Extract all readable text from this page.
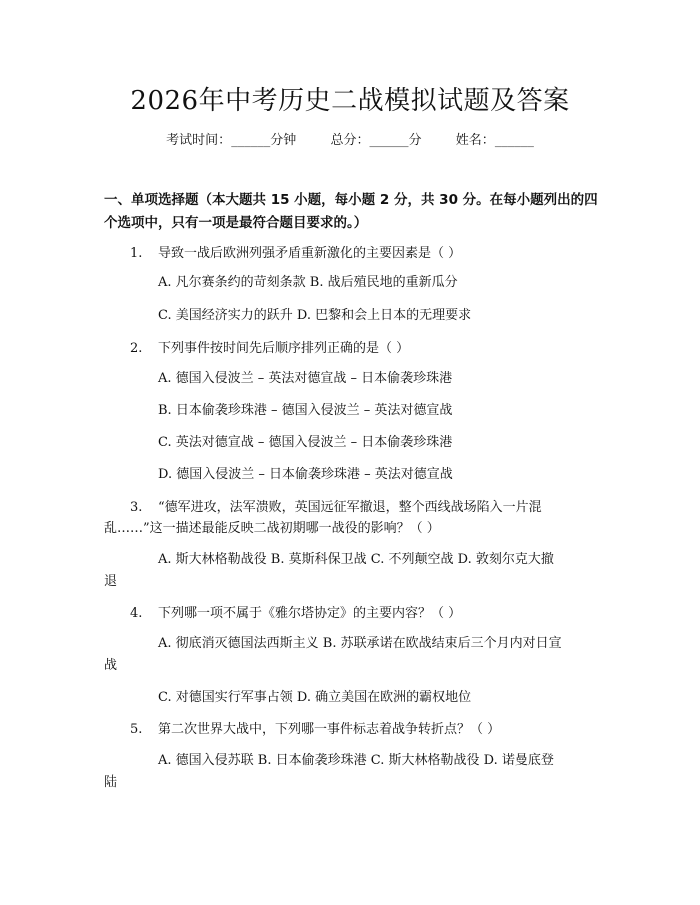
2026年中考历史二战模拟试题及答案
考试时间：______分钟	总分：______分	姓名：______
一、单项选择题（本大题共 15 小题，每小题 2 分，共 30 分。在每小题列出的四
个选项中，只有一项是最符合题目要求的。）
1. 导致一战后欧洲列强矛盾重新激化的主要因素是（ ）
A. 凡尔赛条约的苛刻条款 B. 战后殖民地的重新瓜分
C. 美国经济实力的跃升 D. 巴黎和会上日本的无理要求
2. 下列事件按时间先后顺序排列正确的是（ ）
A. 德国入侵波兰 – 英法对德宣战 – 日本偷袭珍珠港
B. 日本偷袭珍珠港 – 德国入侵波兰 – 英法对德宣战
C. 英法对德宣战 – 德国入侵波兰 – 日本偷袭珍珠港
D. 德国入侵波兰 – 日本偷袭珍珠港 – 英法对德宣战
3. “德军进攻，法军溃败，英国远征军撤退，整个西线战场陷入一片混
乱……”这一描述最能反映二战初期哪一战役的影响？（ ）
A. 斯大林格勒战役 B. 莫斯科保卫战 C. 不列颠空战 D. 敦刻尔克大撤
退
4. 下列哪一项不属于《雅尔塔协定》的主要内容？（ ）
A. 彻底消灭德国法西斯主义 B. 苏联承诺在欧战结束后三个月内对日宣
战
C. 对德国实行军事占领 D. 确立美国在欧洲的霸权地位
5. 第二次世界大战中，下列哪一事件标志着战争转折点？（ ）
A. 德国入侵苏联 B. 日本偷袭珍珠港 C. 斯大林格勒战役 D. 诺曼底登
陆
